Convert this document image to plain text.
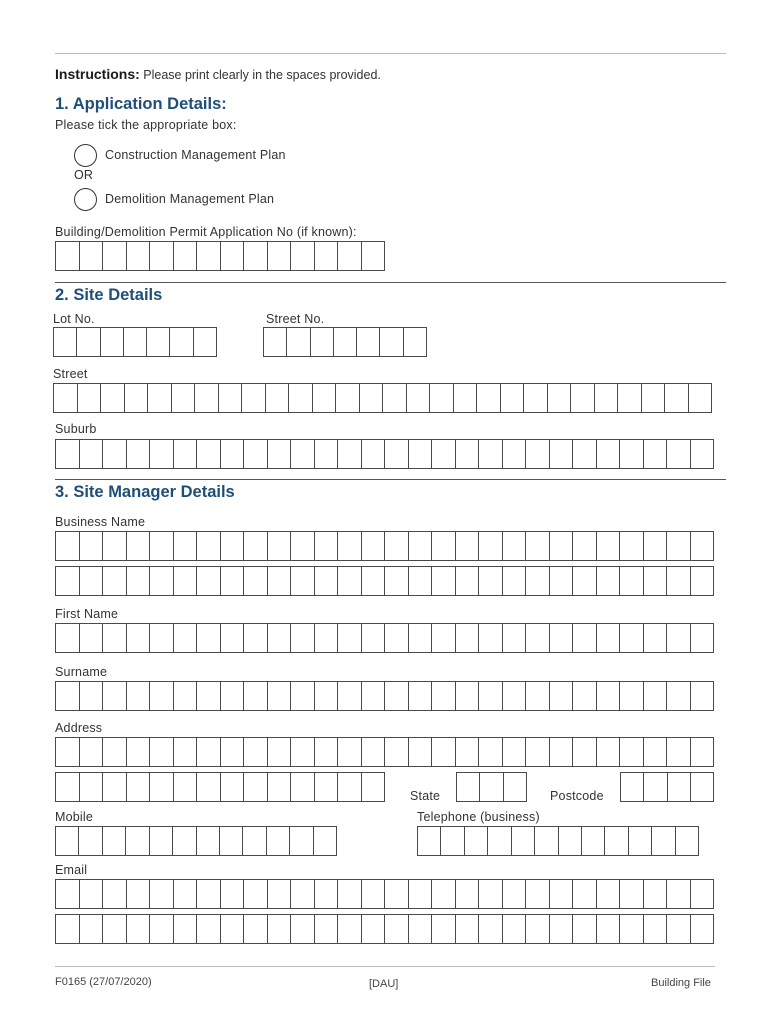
Instructions: Please print clearly in the spaces provided.
1. Application Details:
Please tick the appropriate box:
Construction Management Plan
OR
Demolition Management Plan
Building/Demolition Permit Application No (if known):
2. Site Details
Lot No.	Street No.
Street
Suburb
3. Site Manager Details
Business Name
First Name
Surname
Address
State	Postcode
Mobile	Telephone (business)
Email
F0165 (27/07/2020)	[DAU]	Building File
